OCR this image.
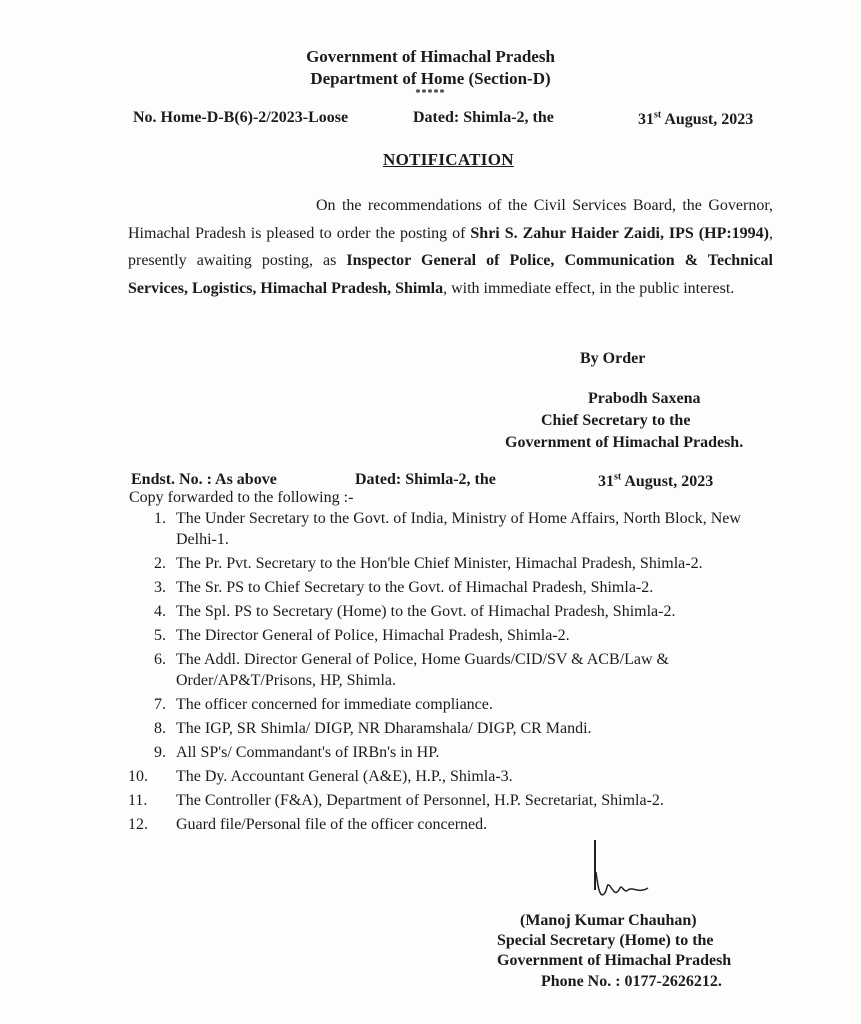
Government of Himachal Pradesh
Department of Home (Section-D)
*****
No. Home-D-B(6)-2/2023-Loose	Dated: Shimla-2, the	31st August, 2023
NOTIFICATION
On the recommendations of the Civil Services Board, the Governor, Himachal Pradesh is pleased to order the posting of Shri S. Zahur Haider Zaidi, IPS (HP:1994), presently awaiting posting, as Inspector General of Police, Communication & Technical Services, Logistics, Himachal Pradesh, Shimla, with immediate effect, in the public interest.
By Order
Prabodh Saxena
Chief Secretary to the
Government of Himachal Pradesh.
Endst. No. : As above	Dated: Shimla-2, the	31st August, 2023
Copy forwarded to the following :-
1. The Under Secretary to the Govt. of India, Ministry of Home Affairs, North Block, New Delhi-1.
2. The Pr. Pvt. Secretary to the Hon'ble Chief Minister, Himachal Pradesh, Shimla-2.
3. The Sr. PS to Chief Secretary to the Govt. of Himachal Pradesh, Shimla-2.
4. The Spl. PS to Secretary (Home) to the Govt. of Himachal Pradesh, Shimla-2.
5. The Director General of Police, Himachal Pradesh, Shimla-2.
6. The Addl. Director General of Police, Home Guards/CID/SV & ACB/Law & Order/AP&T/Prisons, HP, Shimla.
7. The officer concerned for immediate compliance.
8. The IGP, SR Shimla/ DIGP, NR Dharamshala/ DIGP, CR Mandi.
9. All SP's/ Commandant's of IRBn's in HP.
10.	The Dy. Accountant General (A&E), H.P., Shimla-3.
11.	The Controller (F&A), Department of Personnel, H.P. Secretariat, Shimla-2.
12.	Guard file/Personal file of the officer concerned.
(Manoj Kumar Chauhan)
Special Secretary (Home) to the
Government of Himachal Pradesh
Phone No. : 0177-2626212.
